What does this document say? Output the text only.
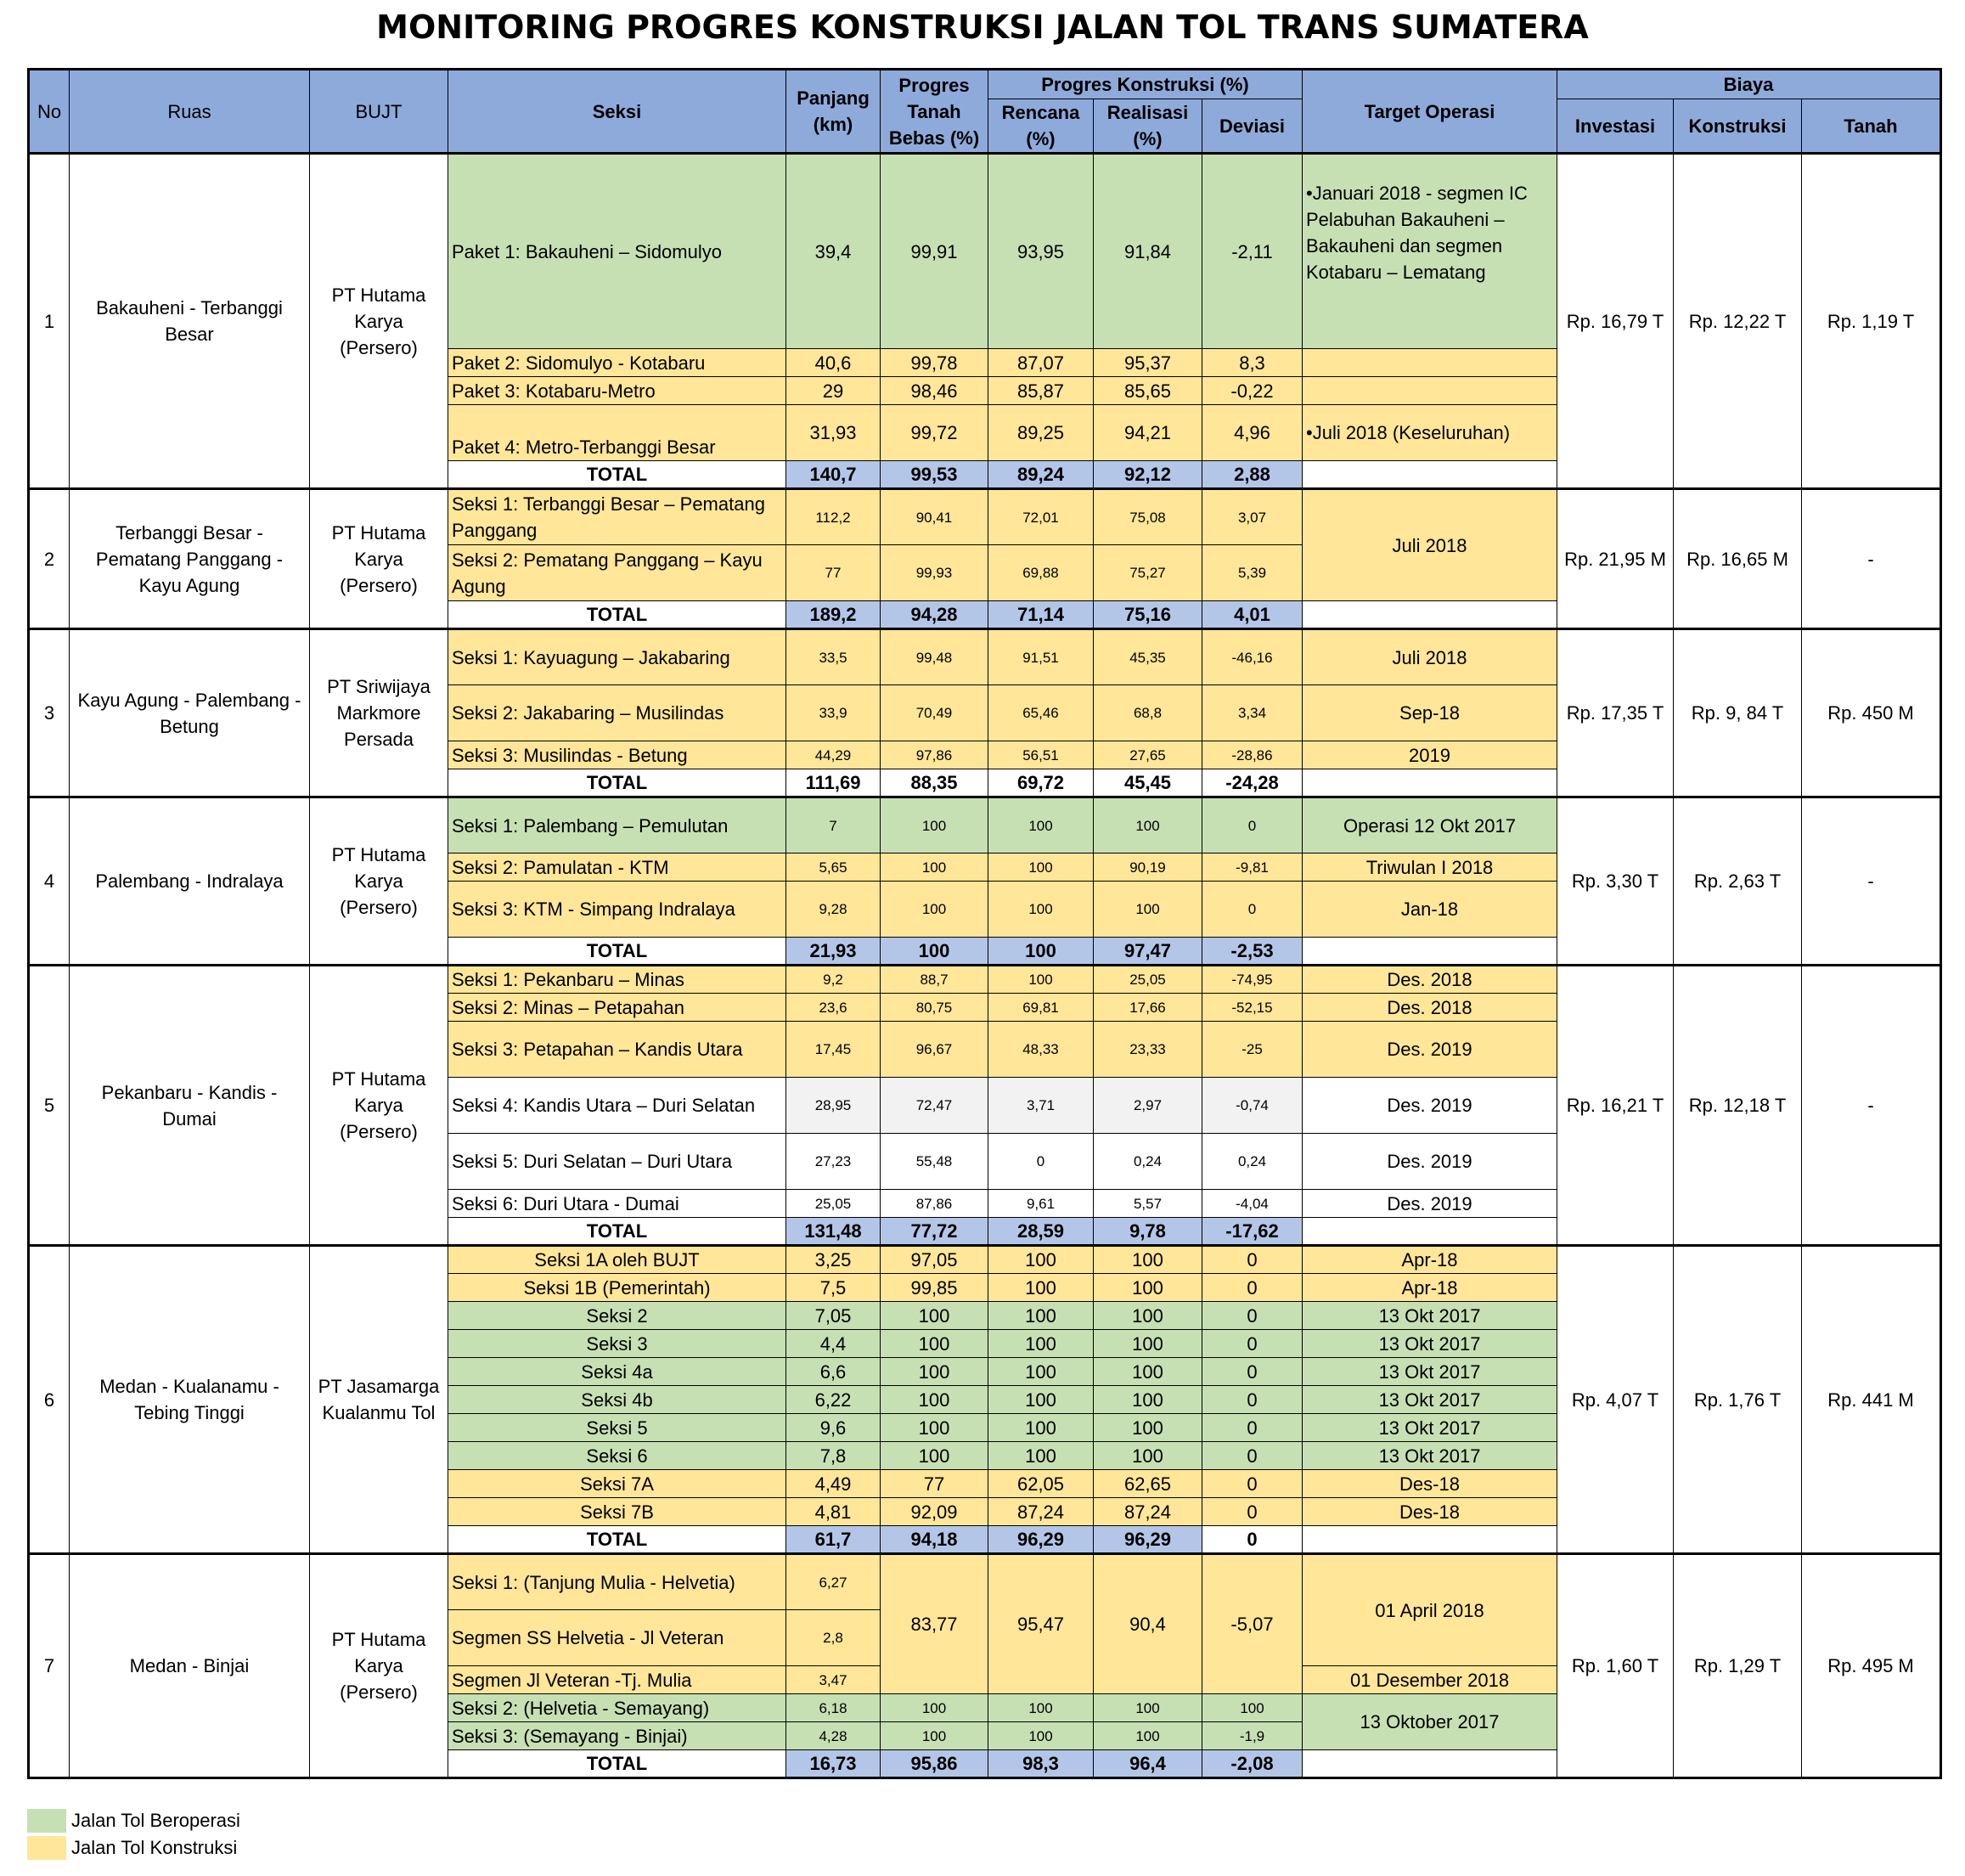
MONITORING PROGRES KONSTRUKSI JALAN TOL TRANS SUMATERA
No	Ruas	BUJT	Seksi	Panjang (km)	Progres Tanah Bebas (%)	Progres Konstruksi (%)			Target Operasi	Biaya		
						Rencana (%)	Realisasi (%)	Deviasi		Investasi	Konstruksi	Tanah
1	Bakauheni - Terbanggi Besar	PT Hutama Karya (Persero)	Paket 1: Bakauheni – Sidomulyo	39,4	99,91	93,95	91,84	-2,11	•Januari 2018 - segmen IC Pelabuhan Bakauheni – Bakauheni dan segmen Kotabaru – Lematang	Rp. 16,79 T	Rp. 12,22 T	Rp. 1,19 T
			Paket 2: Sidomulyo - Kotabaru	40,6	99,78	87,07	95,37	8,3				
			Paket 3: Kotabaru-Metro	29	98,46	85,87	85,65	-0,22				
			Paket 4: Metro-Terbanggi Besar	31,93	99,72	89,25	94,21	4,96	•Juli 2018 (Keseluruhan)			
			TOTAL	140,7	99,53	89,24	92,12	2,88				
2	Terbanggi Besar - Pematang Panggang - Kayu Agung	PT Hutama Karya (Persero)	Seksi 1: Terbanggi Besar – Pematang Panggang	112,2	90,41	72,01	75,08	3,07	Juli 2018	Rp. 21,95 M	Rp. 16,65 M	-
			Seksi 2: Pematang Panggang – Kayu Agung	77	99,93	69,88	75,27	5,39				
			TOTAL	189,2	94,28	71,14	75,16	4,01				
3	Kayu Agung - Palembang - Betung	PT Sriwijaya Markmore Persada	Seksi 1: Kayuagung – Jakabaring	33,5	99,48	91,51	45,35	-46,16	Juli 2018	Rp. 17,35 T	Rp. 9, 84 T	Rp. 450 M
			Seksi 2: Jakabaring – Musilindas	33,9	70,49	65,46	68,8	3,34	Sep-18			
			Seksi 3: Musilindas - Betung	44,29	97,86	56,51	27,65	-28,86	2019			
			TOTAL	111,69	88,35	69,72	45,45	-24,28				
4	Palembang - Indralaya	PT Hutama Karya (Persero)	Seksi 1: Palembang – Pemulutan	7	100	100	100	0	Operasi 12 Okt 2017	Rp. 3,30 T	Rp. 2,63 T	-
			Seksi 2: Pamulatan - KTM	5,65	100	100	90,19	-9,81	Triwulan I 2018			
			Seksi 3: KTM - Simpang Indralaya	9,28	100	100	100	0	Jan-18			
			TOTAL	21,93	100	100	97,47	-2,53				
5	Pekanbaru - Kandis - Dumai	PT Hutama Karya (Persero)	Seksi 1: Pekanbaru – Minas	9,2	88,7	100	25,05	-74,95	Des. 2018	Rp. 16,21 T	Rp. 12,18 T	-
			Seksi 2: Minas – Petapahan	23,6	80,75	69,81	17,66	-52,15	Des. 2018			
			Seksi 3: Petapahan – Kandis Utara	17,45	96,67	48,33	23,33	-25	Des. 2019			
			Seksi 4: Kandis Utara – Duri Selatan	28,95	72,47	3,71	2,97	-0,74	Des. 2019			
			Seksi 5: Duri Selatan – Duri Utara	27,23	55,48	0	0,24	0,24	Des. 2019			
			Seksi 6: Duri Utara - Dumai	25,05	87,86	9,61	5,57	-4,04	Des. 2019			
			TOTAL	131,48	77,72	28,59	9,78	-17,62				
6	Medan - Kualanamu - Tebing Tinggi	PT Jasamarga Kualanmu Tol	Seksi 1A oleh BUJT	3,25	97,05	100	100	0	Apr-18	Rp. 4,07 T	Rp. 1,76 T	Rp. 441 M
			Seksi 1B (Pemerintah)	7,5	99,85	100	100	0	Apr-18			
			Seksi 2	7,05	100	100	100	0	13 Okt 2017			
			Seksi 3	4,4	100	100	100	0	13 Okt 2017			
			Seksi 4a	6,6	100	100	100	0	13 Okt 2017			
			Seksi 4b	6,22	100	100	100	0	13 Okt 2017			
			Seksi 5	9,6	100	100	100	0	13 Okt 2017			
			Seksi 6	7,8	100	100	100	0	13 Okt 2017			
			Seksi 7A	4,49	77	62,05	62,65	0	Des-18			
			Seksi 7B	4,81	92,09	87,24	87,24	0	Des-18			
			TOTAL	61,7	94,18	96,29	96,29	0				
7	Medan - Binjai	PT Hutama Karya (Persero)	Seksi 1: (Tanjung Mulia - Helvetia)	6,27	83,77	95,47	90,4	-5,07	01 April 2018	Rp. 1,60 T	Rp. 1,29 T	Rp. 495 M
			Segmen SS Helvetia - Jl Veteran	2,8								
			Segmen Jl Veteran -Tj. Mulia	3,47					01 Desember 2018			
			Seksi 2: (Helvetia - Semayang)	6,18	100	100	100	100	13 Oktober 2017			
			Seksi 3: (Semayang - Binjai)	4,28	100	100	100	-1,9				
			TOTAL	16,73	95,86	98,3	96,4	-2,08				
Jalan Tol Beroperasi
Jalan Tol Konstruksi
